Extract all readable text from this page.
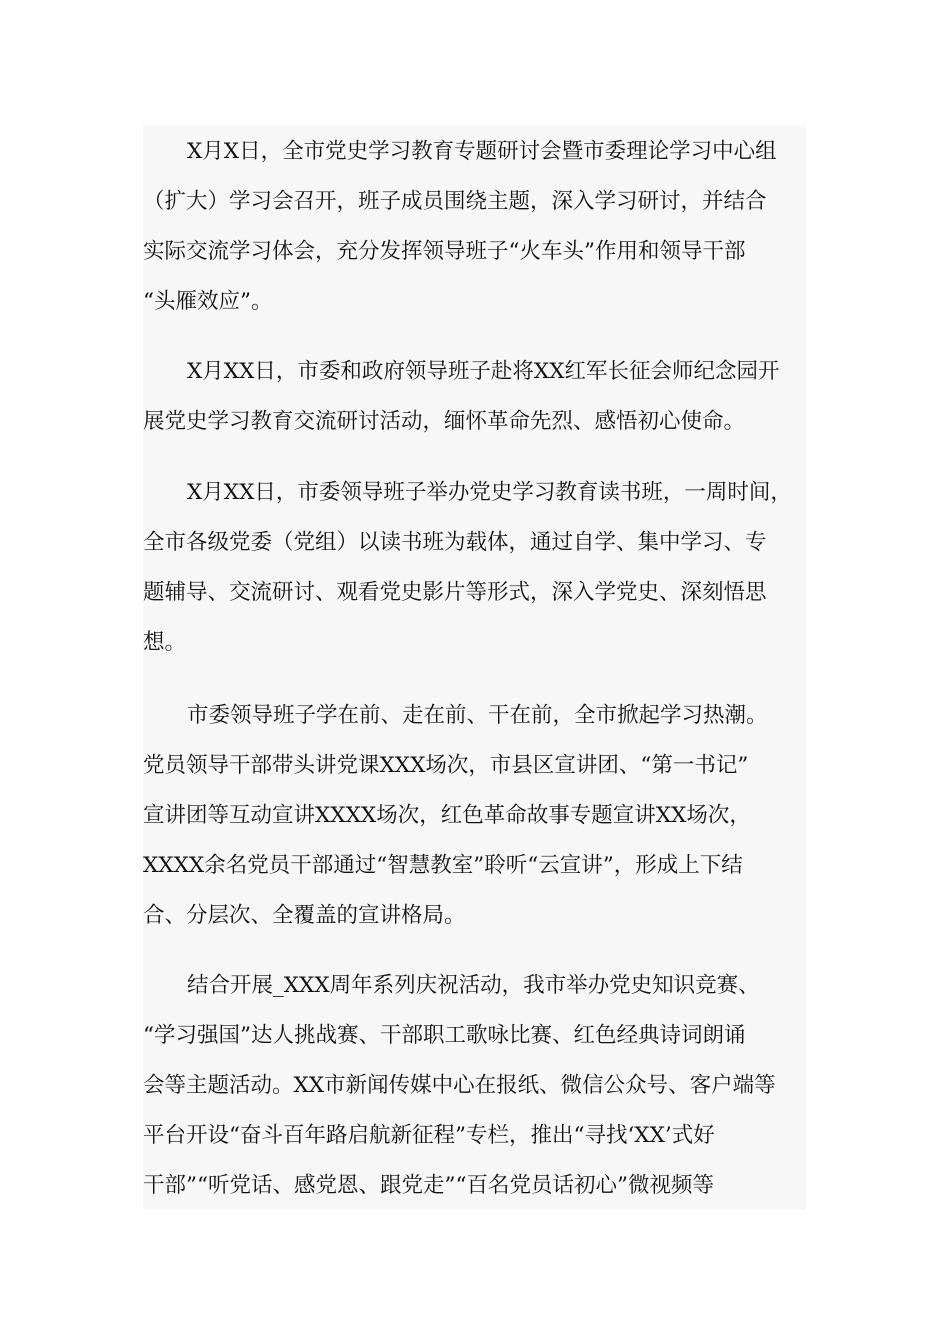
X月X日，全市党史学习教育专题研讨会暨市委理论学习中心组
（扩大）学习会召开，班子成员围绕主题，深入学习研讨，并结合
实际交流学习体会，充分发挥领导班子“火车头”作用和领导干部
“头雁效应”。
X月XX日，市委和政府领导班子赴将XX红军长征会师纪念园开
展党史学习教育交流研讨活动，缅怀革命先烈、感悟初心使命。
X月XX日，市委领导班子举办党史学习教育读书班，一周时间，
全市各级党委（党组）以读书班为载体，通过自学、集中学习、专
题辅导、交流研讨、观看党史影片等形式，深入学党史、深刻悟思
想。
市委领导班子学在前、走在前、干在前，全市掀起学习热潮。
党员领导干部带头讲党课XXX场次，市县区宣讲团、“第一书记”
宣讲团等互动宣讲XXXX场次，红色革命故事专题宣讲XX场次，
XXXX余名党员干部通过“智慧教室”聆听“云宣讲”，形成上下结
合、分层次、全覆盖的宣讲格局。
结合开展_XXX周年系列庆祝活动，我市举办党史知识竞赛、
“学习强国”达人挑战赛、干部职工歌咏比赛、红色经典诗词朗诵
会等主题活动。XX市新闻传媒中心在报纸、微信公众号、客户端等
平台开设“奋斗百年路启航新征程”专栏，推出“寻找‘XX’式好
干部”“听党话、感党恩、跟党走”“百名党员话初心”微视频等
